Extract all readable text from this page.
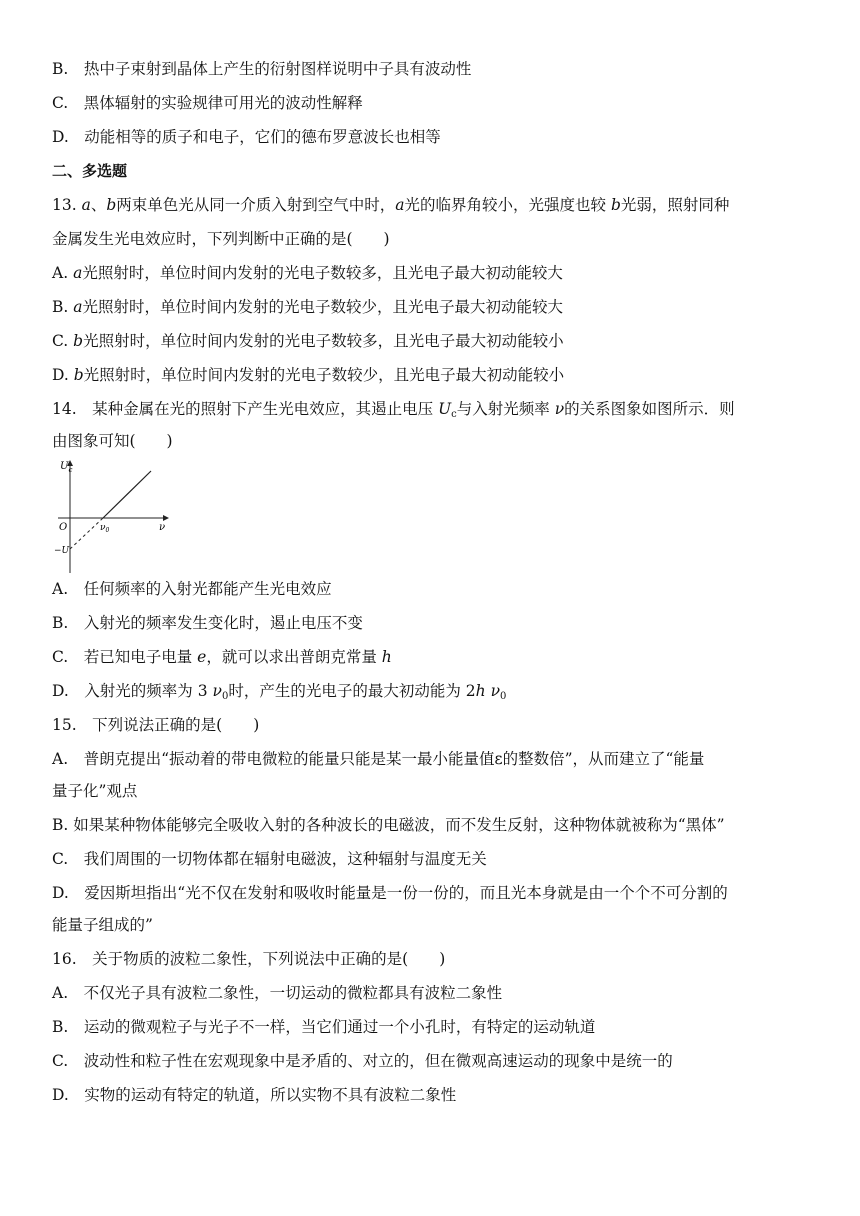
B.　热中子束射到晶体上产生的衍射图样说明中子具有波动性
C.　黑体辐射的实验规律可用光的波动性解释
D.　动能相等的质子和电子，它们的德布罗意波长也相等
二、多选题
13. a、b两束单色光从同一介质入射到空气中时，a光的临界角较小，光强度也较 b光弱，照射同种
金属发生光电效应时，下列判断中正确的是(　　)
A. a光照射时，单位时间内发射的光电子数较多，且光电子最大初动能较大
B. a光照射时，单位时间内发射的光电子数较少，且光电子最大初动能较大
C. b光照射时，单位时间内发射的光电子数较多，且光电子最大初动能较小
D. b光照射时，单位时间内发射的光电子数较少，且光电子最大初动能较小
14.　某种金属在光的照射下产生光电效应，其遏止电压 $U_c$与入射光频率 ν的关系图象如图所示．则
由图象可知(　　)
$U_c$
ν
O	$\nu_0$
−U
A.　任何频率的入射光都能产生光电效应
B.　入射光的频率发生变化时，遏止电压不变
C.　若已知电子电量 e，就可以求出普朗克常量 h
D.　入射光的频率为 3 $\nu_0$时，产生的光电子的最大初动能为 2h $\nu_0$
15.　下列说法正确的是(　　)
A.　普朗克提出“振动着的带电微粒的能量只能是某一最小能量值ε的整数倍”，从而建立了“能量
量子化”观点
B. 如果某种物体能够完全吸收入射的各种波长的电磁波，而不发生反射，这种物体就被称为“黑体”
C.　我们周围的一切物体都在辐射电磁波，这种辐射与温度无关
D.　爱因斯坦指出“光不仅在发射和吸收时能量是一份一份的，而且光本身就是由一个个不可分割的
能量子组成的”
16.　关于物质的波粒二象性，下列说法中正确的是(　　)
A.　不仅光子具有波粒二象性，一切运动的微粒都具有波粒二象性
B.　运动的微观粒子与光子不一样，当它们通过一个小孔时，有特定的运动轨道
C.　波动性和粒子性在宏观现象中是矛盾的、对立的，但在微观高速运动的现象中是统一的
D.　实物的运动有特定的轨道，所以实物不具有波粒二象性
